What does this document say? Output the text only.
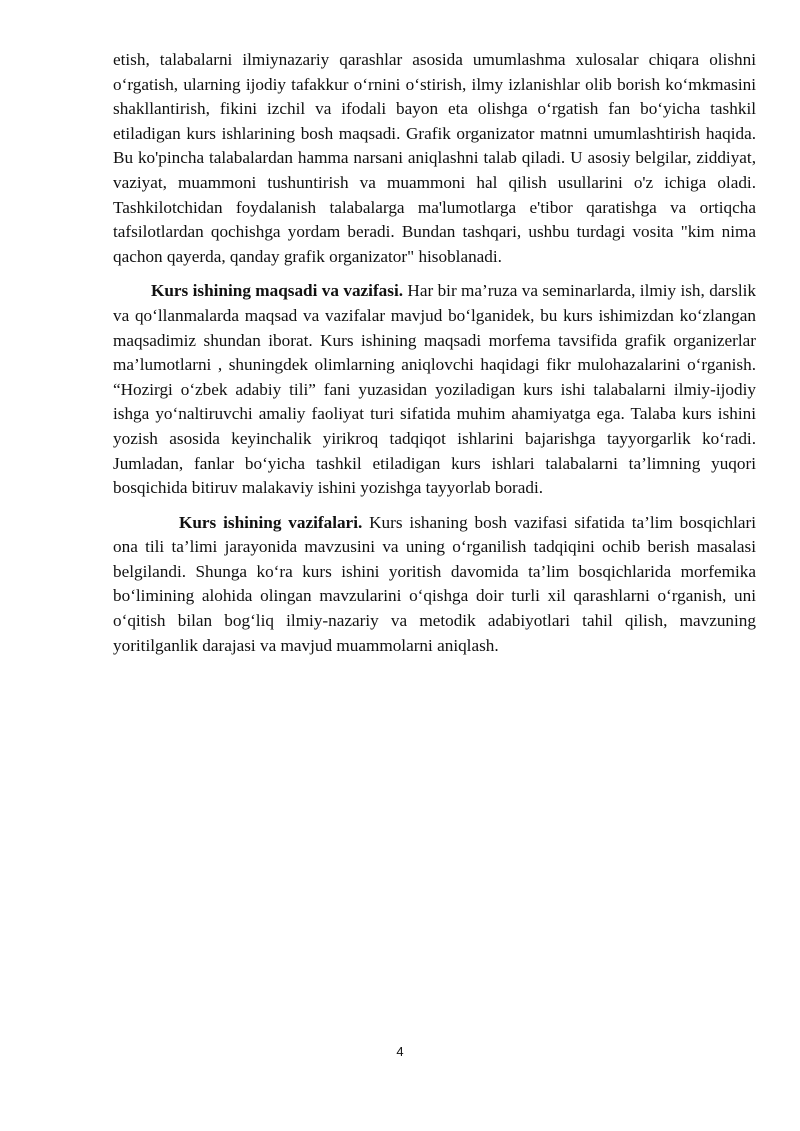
etish, talabalarni ilmiynazariy qarashlar asosida umumlashma xulosalar chiqara olishni o‘rgatish, ularning ijodiy tafakkur o‘rnini o‘stirish, ilmy izlanishlar olib borish ko‘mkmasini shakllantirish, fikini izchil va ifodali bayon eta olishga o‘rgatish fan bo‘yicha tashkil etiladigan kurs ishlarining bosh maqsadi. Grafik organizator matnni umumlashtirish haqida. Bu ko'pincha talabalardan hamma narsani aniqlashni talab qiladi. U asosiy belgilar, ziddiyat, vaziyat, muammoni tushuntirish va muammoni hal qilish usullarini o'z ichiga oladi. Tashkilotchidan foydalanish talabalarga ma'lumotlarga e'tibor qaratishga va ortiqcha tafsilotlardan qochishga yordam beradi. Bundan tashqari, ushbu turdagi vosita "kim nima qachon qayerda, qanday grafik organizator" hisoblanadi.

Kurs ishining maqsadi va vazifasi. Har bir ma’ruza va seminarlarda, ilmiy ish, darslik va qo‘llanmalarda maqsad va vazifalar mavjud bo‘lganidek, bu kurs ishimizdan ko‘zlangan maqsadimiz shundan iborat. Kurs ishining maqsadi morfema tavsifida grafik organizerlar ma’lumotlarni , shuningdek olimlarning aniqlovchi haqidagi fikr mulohazalarini o‘rganish. “Hozirgi o‘zbek adabiy tili” fani yuzasidan yoziladigan kurs ishi talabalarni ilmiy-ijodiy ishga yo‘naltiruvchi amaliy faoliyat turi sifatida muhim ahamiyatga ega. Talaba kurs ishini yozish asosida keyinchalik yirikroq tadqiqot ishlarini bajarishga tayyorgarlik ko‘radi. Jumladan, fanlar bo‘yicha tashkil etiladigan kurs ishlari talabalarni ta’limning yuqori bosqichida bitiruv malakaviy ishini yozishga tayyorlab boradi.

Kurs ishining vazifalari. Kurs ishaning bosh vazifasi sifatida ta’lim bosqichlari ona tili ta’limi jarayonida mavzusini va uning o‘rganilish tadqiqini ochib berish masalasi belgilandi. Shunga ko‘ra kurs ishini yoritish davomida ta’lim bosqichlarida morfemika bo‘limining alohida olingan mavzularini o‘qishga doir turli xil qarashlarni o‘rganish, uni o‘qitish bilan bog‘liq ilmiy-nazariy va metodik adabiyotlari tahil qilish, mavzuning yoritilganlik darajasi va mavjud muammolarni aniqlash.

4
